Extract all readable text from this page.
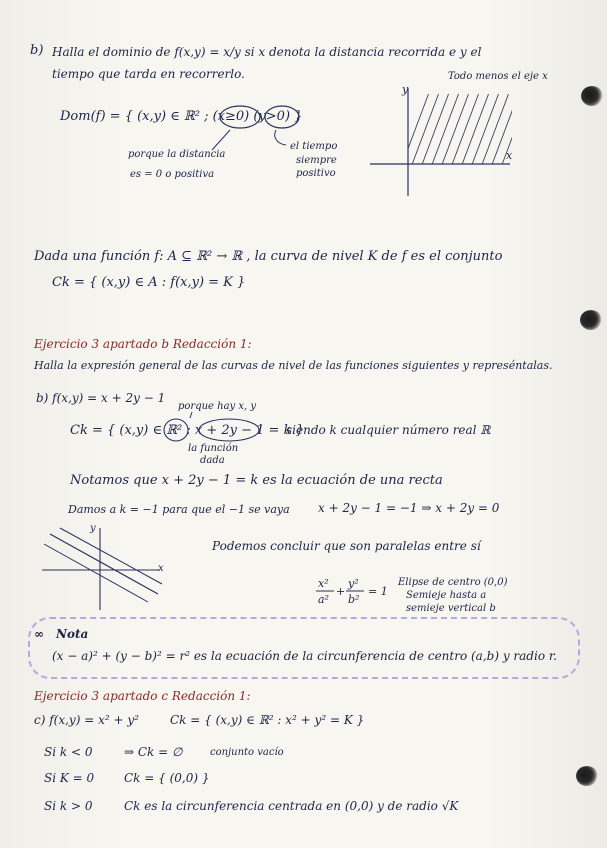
b) Halla el dominio de f(x,y) = x/y si x denota la distancia recorrida e y el
tiempo que tarda en recorrerlo.	Todo menos el eje x
Dom(f) = { (x,y) ∈ ℝ² ; (x≥0) (y>0) }
porque la distancia
es = 0 o positiva
el tiempo
siempre
positivo
y
x
Dada una función f: A ⊆ ℝ² → ℝ , la curva de nivel K de f es el conjunto
Ck = { (x,y) ∈ A : f(x,y) = K }
Ejercicio 3 apartado b Redacción 1:
Halla la expresión general de las curvas de nivel de las funciones siguientes y represéntalas.
b) f(x,y) = x + 2y − 1
porque hay x, y
Ck = { (x,y) ∈ ℝ² : x + 2y − 1 = k }
la función
dada
siendo k cualquier número real ℝ
Notamos que x + 2y − 1 = k es la ecuación de una recta
Damos a k = −1 para que el −1 se vaya x + 2y − 1 = −1 ⇒ x + 2y = 0
y
x
Podemos concluir que son paralelas entre sí
x²
a²
+
y²
b²
= 1
Elipse de centro (0,0)
Semieje hasta a
semieje vertical b
∞ Nota
(x − a)² + (y − b)² = r² es la ecuación de la circunferencia de centro (a,b) y radio r.
Ejercicio 3 apartado c Redacción 1:
c) f(x,y) = x² + y²	Ck = { (x,y) ∈ ℝ² : x² + y² = K }
Si k < 0	⇒ Ck = ∅	conjunto vacío
Si K = 0 Ck = { (0,0) }
Si k > 0	Ck es la circunferencia centrada en (0,0) y de radio √K
